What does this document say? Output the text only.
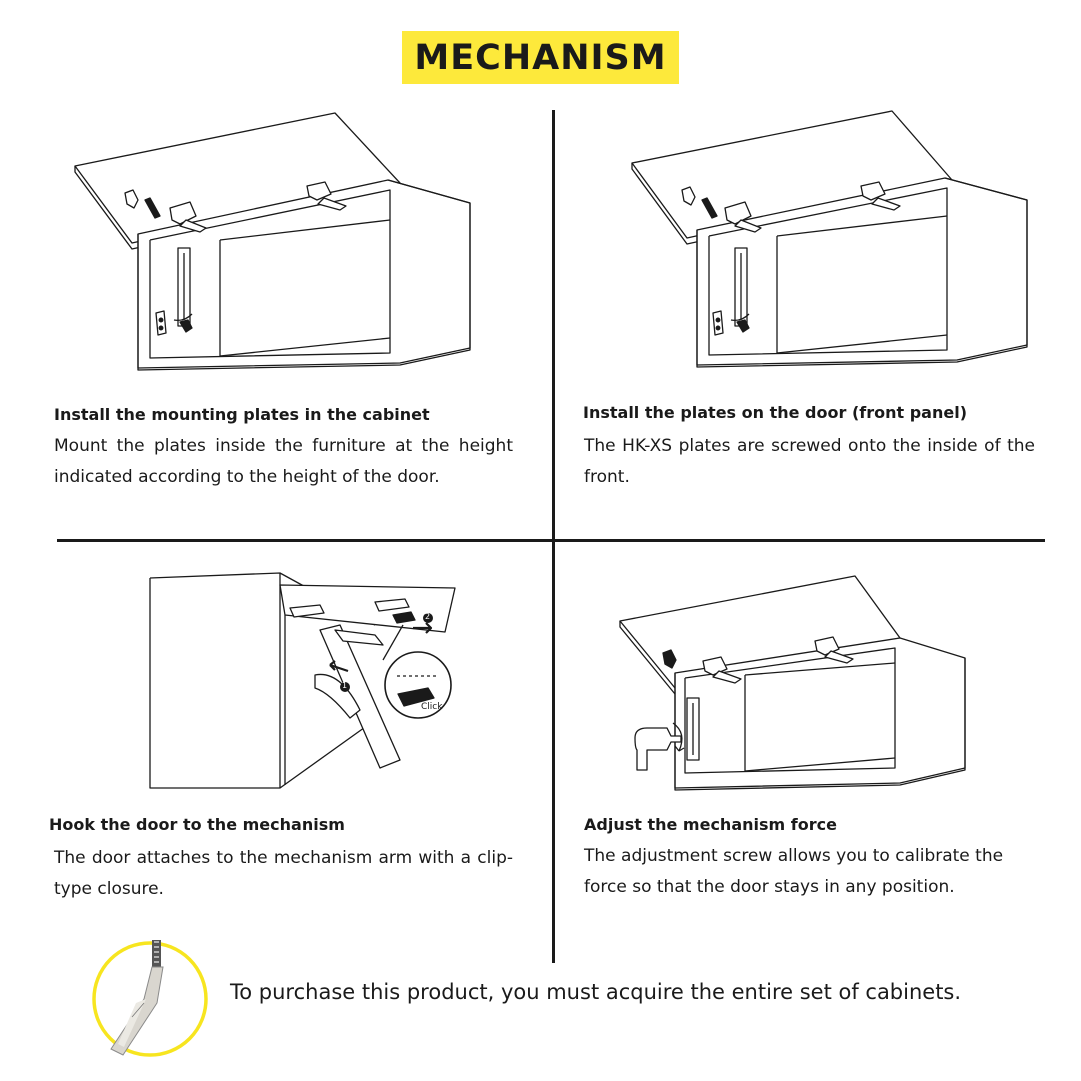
MECHANISM
1
2
Click

Install the mounting plates in the cabinet

Mount the plates inside the furniture at the height indicated according to the height of the door.

Install the plates on the door (front panel)

The HK-XS plates are screwed onto the inside of the front.

Hook the door to the mechanism

The door attaches to the mechanism arm with a clip-type closure.

Adjust the mechanism force

The adjustment screw allows you to calibrate the force so that the door stays in any position.

To purchase this product, you must acquire the entire set of cabinets.
